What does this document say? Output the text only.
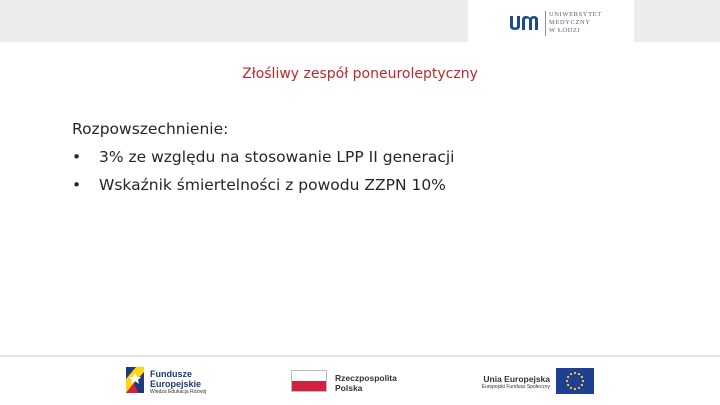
UNIWERSYTET
MEDYCZNY
W ŁODZI
Złośliwy zespół poneuroleptyczny
Rozpowszechnienie:
• 3% ze względu na stosowanie LPP II generacji
• Wskaźnik śmiertelności z powodu ZZPN 10%
Fundusze
Europejskie
Wiedza Edukacja Rozwój
Rzeczpospolita
Polska
Unia Europejska
Europejski Fundusz Społeczny
